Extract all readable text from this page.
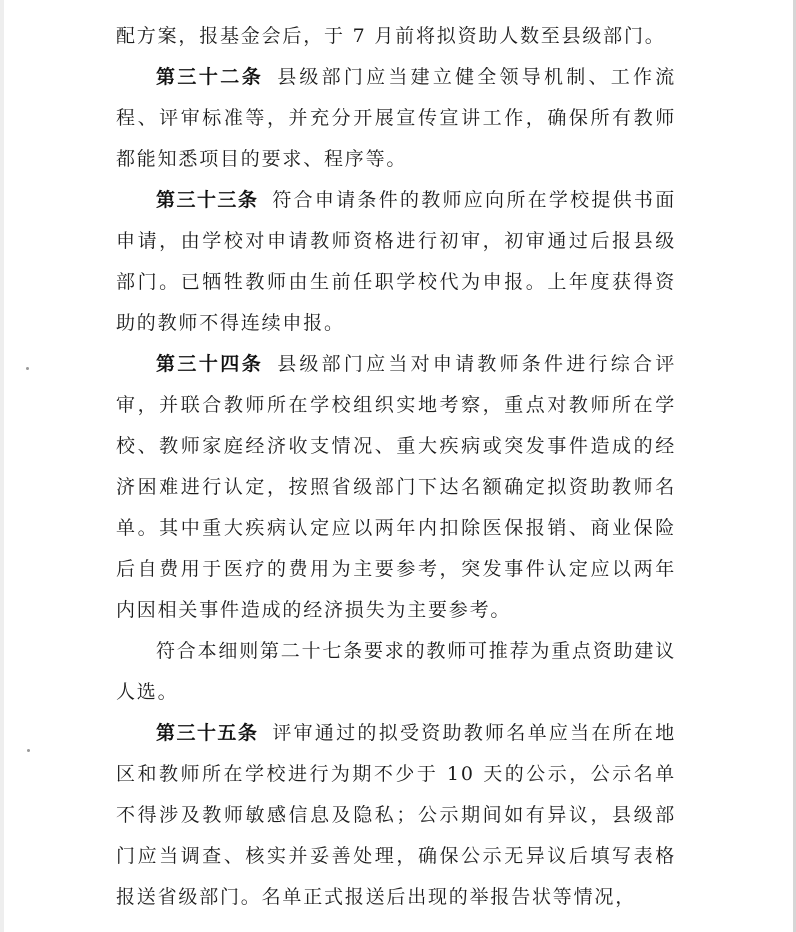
配方案，报基金会后，于 7 月前将拟资助人数至县级部门。

第三十二条 县级部门应当建立健全领导机制、工作流程、评审标准等，并充分开展宣传宣讲工作，确保所有教师都能知悉项目的要求、程序等。

第三十三条 符合申请条件的教师应向所在学校提供书面申请，由学校对申请教师资格进行初审，初审通过后报县级部门。已牺牲教师由生前任职学校代为申报。上年度获得资助的教师不得连续申报。

第三十四条 县级部门应当对申请教师条件进行综合评审，并联合教师所在学校组织实地考察，重点对教师所在学校、教师家庭经济收支情况、重大疾病或突发事件造成的经济困难进行认定，按照省级部门下达名额确定拟资助教师名单。其中重大疾病认定应以两年内扣除医保报销、商业保险后自费用于医疗的费用为主要参考，突发事件认定应以两年内因相关事件造成的经济损失为主要参考。

符合本细则第二十七条要求的教师可推荐为重点资助建议人选。

第三十五条 评审通过的拟受资助教师名单应当在所在地区和教师所在学校进行为期不少于 10 天的公示，公示名单不得涉及教师敏感信息及隐私；公示期间如有异议，县级部门应当调查、核实并妥善处理，确保公示无异议后填写表格报送省级部门。名单正式报送后出现的举报告状等情况，
